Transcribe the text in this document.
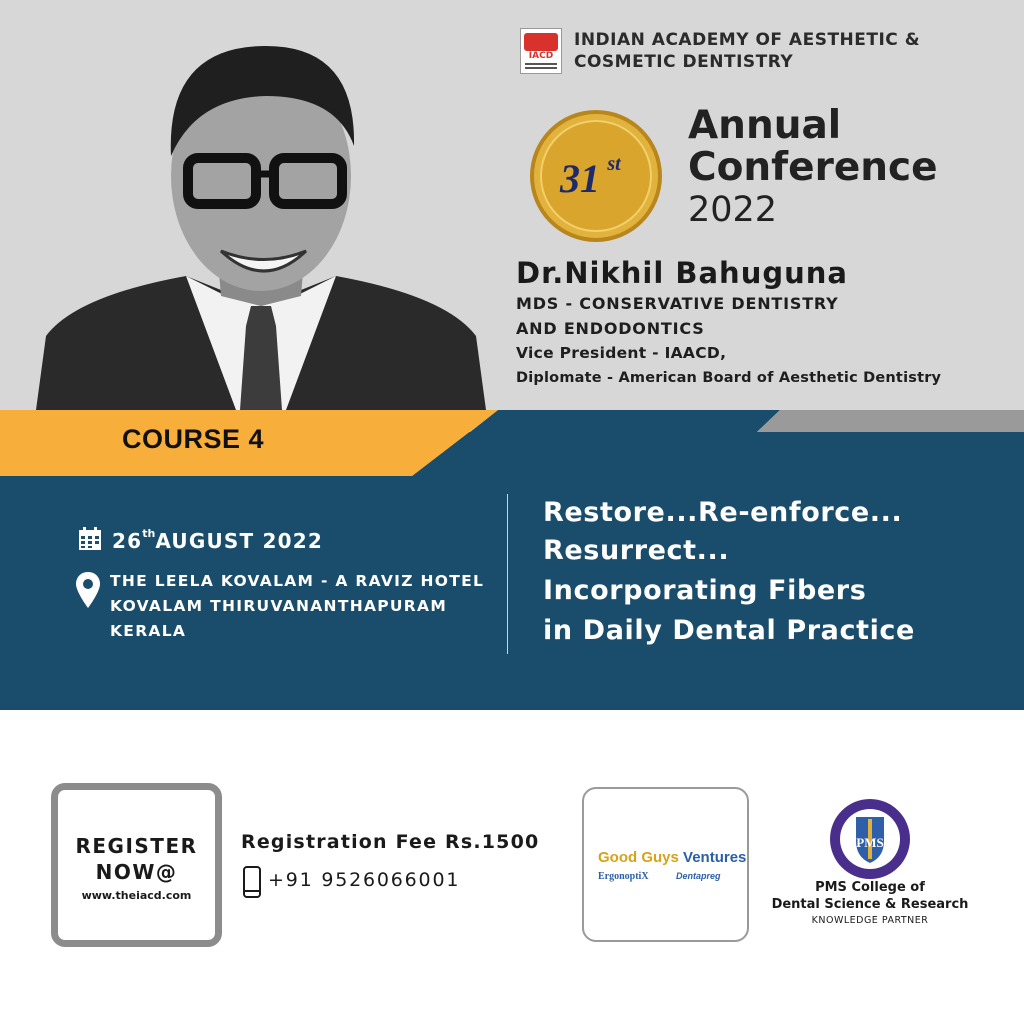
IACD
INDIAN ACADEMY OF AESTHETIC &
COSMETIC DENTISTRY
31 st
Annual
Conference
2022
Dr.Nikhil Bahuguna
MDS - CONSERVATIVE DENTISTRY
AND ENDODONTICS
Vice President - IAACD,
Diplomate - American Board of Aesthetic Dentistry
COURSE 4
26thAUGUST 2022
THE LEELA KOVALAM - A RAVIZ HOTEL
KOVALAM THIRUVANANTHAPURAM
KERALA
Restore...Re-enforce...
Resurrect...
Incorporating Fibers
in Daily Dental Practice
REGISTER
NOW@
www.theiacd.com
Registration Fee Rs.1500
+91 9526066001
Good Guys Ventures
ErgonoptiX	Dentapreg
PMS
PMS College of
Dental Science & Research
KNOWLEDGE PARTNER
